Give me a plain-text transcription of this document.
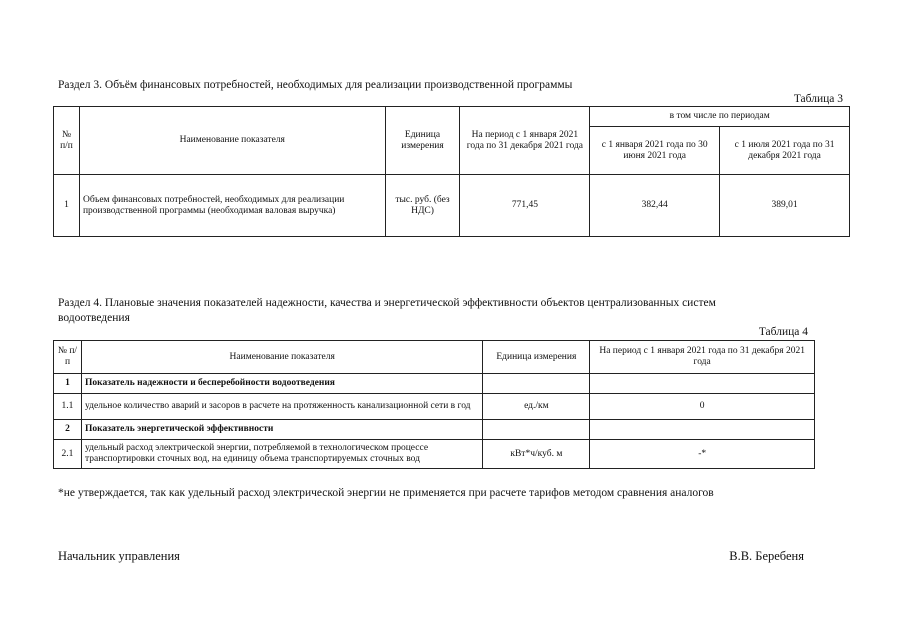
Раздел 3. Объём финансовых потребностей, необходимых для реализации производственной программы
Таблица 3
№ п/п	Наименование показателя	Единица измерения	На период с 1 января 2021 года по 31 декабря 2021 года	в том числе по периодам	
				с 1 января 2021 года по 30 июня 2021 года	с 1 июля 2021 года по 31 декабря 2021 года
1	Объем финансовых потребностей, необходимых для реализации производственной программы (необходимая валовая выручка)	тыс. руб. (без НДС)	771,45	382,44	389,01
Раздел 4. Плановые значения показателей надежности, качества и энергетической эффективности объектов централизованных систем
водоотведения
Таблица 4
№ п/п	Наименование показателя	Единица измерения	На период с 1 января 2021 года по 31 декабря 2021 года
1	Показатель надежности и бесперебойности водоотведения		
1.1	удельное количество аварий и засоров в расчете на протяженность канализационной сети в год	ед./км	0
2	Показатель энергетической эффективности		
2.1	удельный расход электрической энергии, потребляемой в технологическом процессе транспортировки сточных вод, на единицу объема транспортируемых сточных вод	кВт*ч/куб. м	-*
*не утверждается, так как удельный расход электрической энергии не применяется при расчете тарифов методом сравнения аналогов
Начальник управления	В.В. Беребеня
